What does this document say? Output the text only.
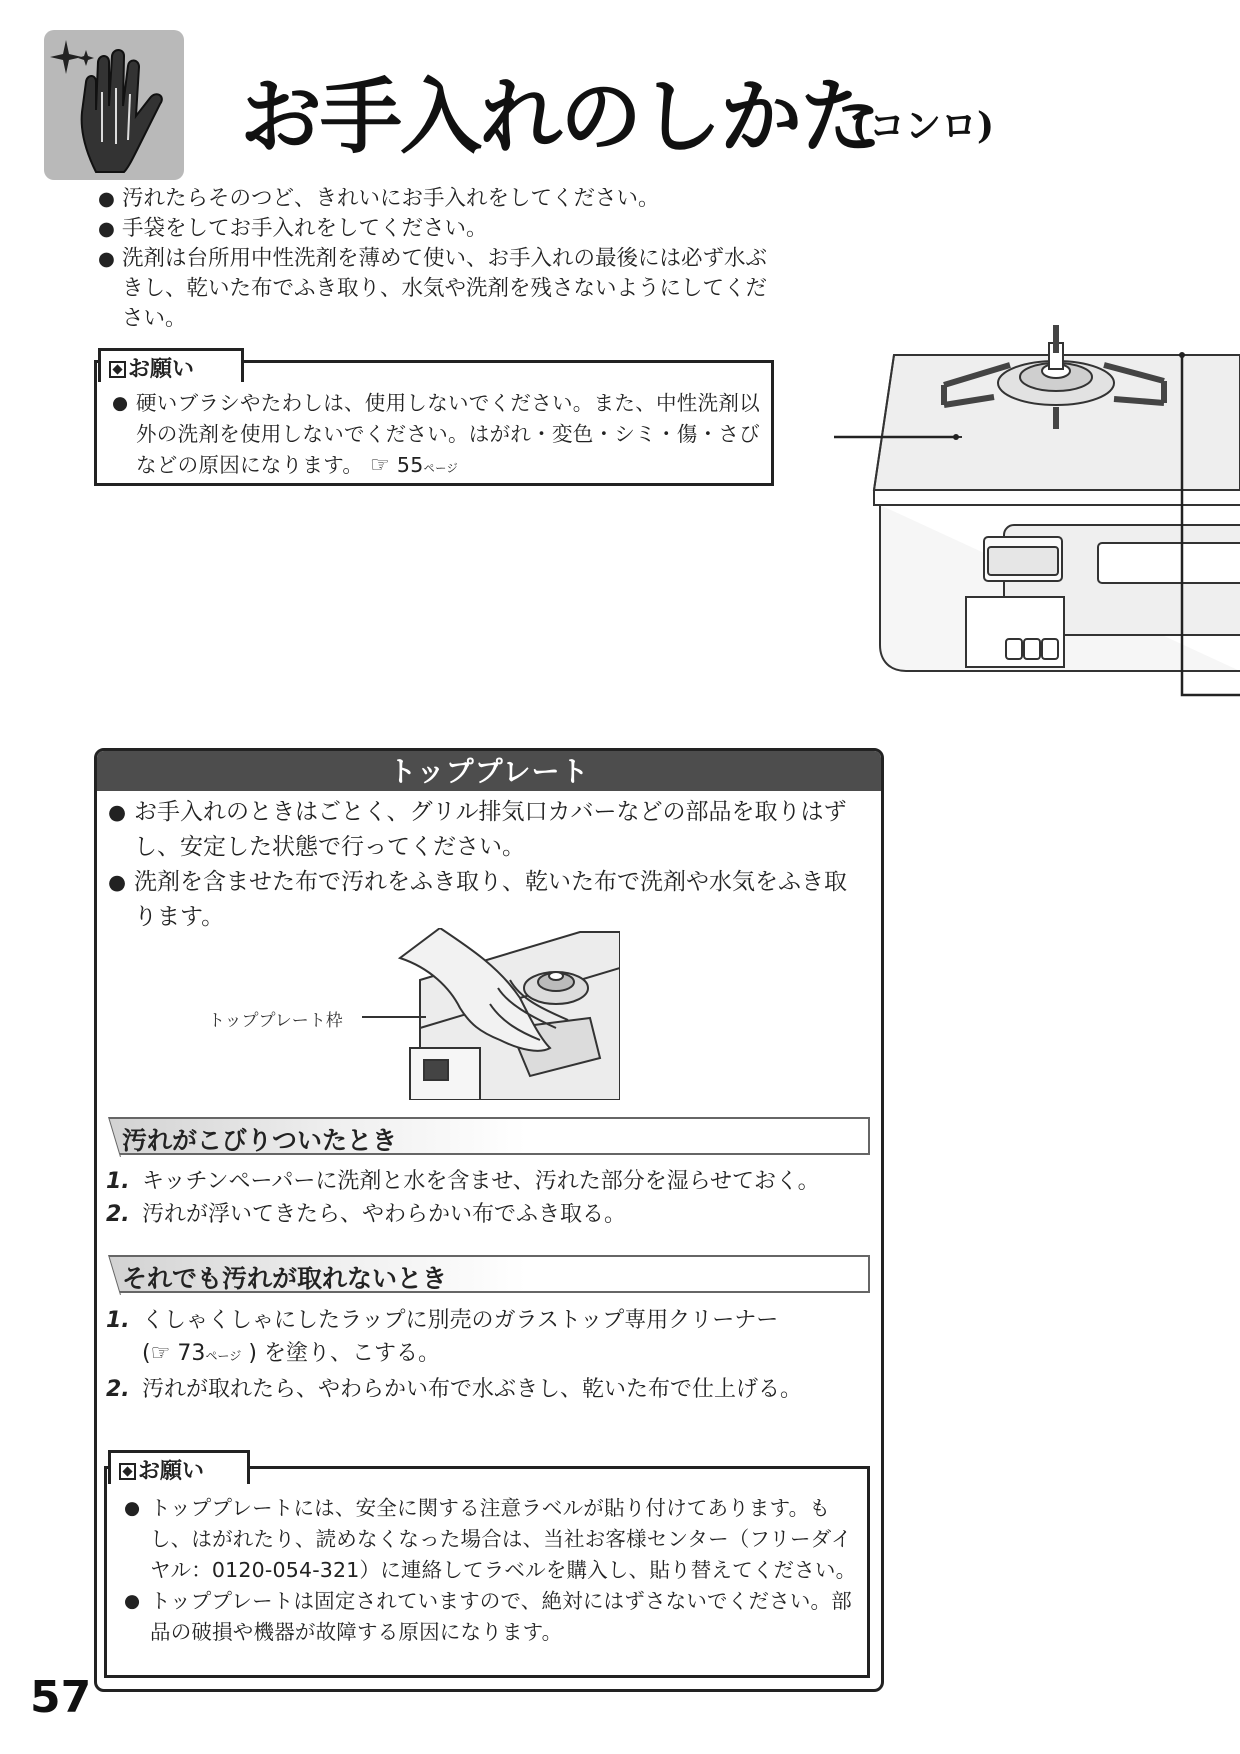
お手入れのしかた
(コンロ)
● 汚れたらそのつど、きれいにお手入れをしてください。
● 手袋をしてお手入れをしてください。
● 洗剤は台所用中性洗剤を薄めて使い、お手入れの最後には必ず水ぶきし、乾いた布でふき取り、水気や洗剤を残さないようにしてください。
お願い
● 硬いブラシやたわしは、使用しないでください。また、中性洗剤以外の洗剤を使用しないでください。はがれ・変色・シミ・傷・さびなどの原因になります。 ☞ 55ページ
トッププレート
● お手入れのときはごとく、グリル排気口カバーなどの部品を取りはずし、安定した状態で行ってください。
● 洗剤を含ませた布で汚れをふき取り、乾いた布で洗剤や水気をふき取ります。
トッププレート枠
汚れがこびりついたとき
1. キッチンペーパーに洗剤と水を含ませ、汚れた部分を湿らせておく。
2. 汚れが浮いてきたら、やわらかい布でふき取る。
それでも汚れが取れないとき
1. くしゃくしゃにしたラップに別売のガラストップ専用クリーナー
(☞ 73ページ ) を塗り、こする。
2. 汚れが取れたら、やわらかい布で水ぶきし、乾いた布で仕上げる。
お願い
● トッププレートには、安全に関する注意ラベルが貼り付けてあります。もし、はがれたり、読めなくなった場合は、当社お客様センター（フリーダイヤル：0120-054-321）に連絡してラベルを購入し、貼り替えてください。
● トッププレートは固定されていますので、絶対にはずさないでください。部品の破損や機器が故障する原因になります。
57
